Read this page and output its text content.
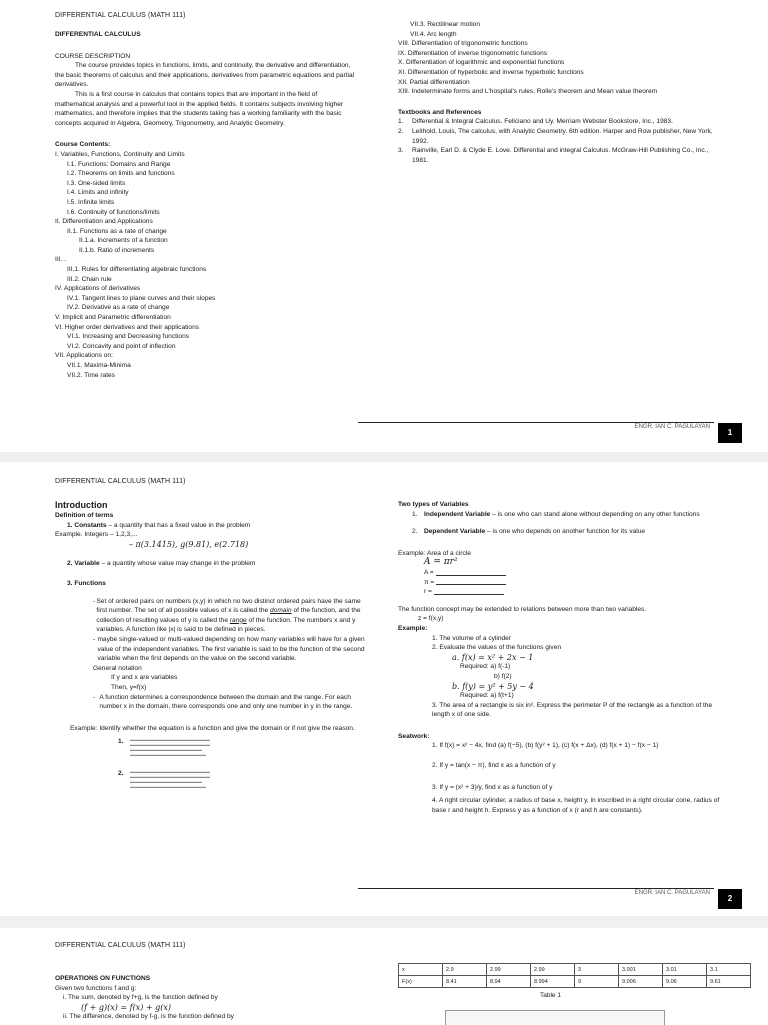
DIFFERENTIAL CALCULUS (MATH 111)
DIFFERENTIAL CALCULUS
COURSE DESCRIPTION
The course provides topics in functions, limits, and continuity, the derivative and differentiation, the basic theorems of calculus and their applications, derivatives from parametric equations and partial derivatives.
This is a first course in calculus that contains topics that are important in the field of mathematical analysis and a powerful tool in the applied fields. It contains subjects involving higher mathematics, and therefore implies that the students taking has a working familiarity with the basic concepts acquired in Algebra, Geometry, Trigonometry, and Analytic Geometry.
Course Contents:
I. Variables, Functions, Continuity and Limits
I.1. Functions: Domains and Range
I.2. Theorems on limits and functions
I.3. One-sided limits
I.4. Limits and infinity
I.5. Infinite limits
I.6. Continuity of functions/limits
II. Differentiation and Applications
II.1. Functions as a rate of change
II.1.a. Increments of a function
II.1.b. Ratio of increments
III. .
III.1. Rules for differentiating algebraic functions
III.2. Chain rule
IV. Applications of derivatives
IV.1. Tangent lines to plane curves and their slopes
IV.2. Derivative as a rate of change
V. Implicit and Parametric differentiation
VI. Higher order derivatives and their applications
VI.1. Increasing and Decreasing functions
VI.2. Concavity and point of inflection
VII. Applications on:
VII.1. Maxima-Minima
VII.2. Time rates
VII.3. Rectilinear motion
VII.4. Arc length
VIII. Differentiation of trigonometric functions
IX. Differentiation of inverse trigonometric functions
X. Differentiation of logarithmic and exponential functions
XI. Differentiation of hyperbolic and inverse hyperbolic functions
XII. Partial differentiation
XIII. Indeterminate forms and L'hospital's rules, Rolle's theorem and Mean value theorem
Textbooks and References
1.	Differential & Integral Calculus. Feliciano and Uy. Merriam Webster Bookstore, Inc., 1983.
2.	Leithold, Louis, The calculus, with Analytic Geometry. 6th edition. Harper and Row publisher, New York, 1992.
3.	Rainville, Earl D. & Clyde E. Love. Differential and integral Calculus. McGraw-Hill Publishing Co., Inc., 1981.
ENGR. IAN C. PAGULAYAN
1
DIFFERENTIAL CALCULUS (MATH 111)
Introduction
Definition of terms
1. Constants – a quantity that has a fixed value in the problem
Example. Integers – 1,2,3,...
– π(3.1415), g(9.81), e(2.718)
2. Variable – a quantity whose value may change in the problem
3. Functions
- Set of ordered pairs on numbers (x,y) in which no two distinct ordered pairs have the same first number. The set of all possible values of x is called the domain of the function, and the collection of resulting values of y is called the range of the function. The numbers x and y variables. A function like |x| is said to be defined in pieces.
- maybe single-valued or multi-valued depending on how many variables will have for a given value of the independent variables. The first variable is said to be the function of the second variable when the first depends on the value on the second variable.
General notation
If y and x are variables
Then, y=f(x)
- A function determines a correspondence between the domain and the range. For each number x in the domain, there corresponds one and only one number in y in the range.
Example: Identify whether the equation is a function and give the domain or if not give the reason.
1.	▬▬▬▬▬▬▬▬▬▬▬▬▬▬▬▬▬▬▬▬
▬▬▬▬▬▬▬▬▬▬▬▬▬▬▬▬▬▬▬▬
▬▬▬▬▬▬▬▬▬▬▬▬▬▬▬▬▬▬
▬▬▬▬▬▬▬▬▬▬▬▬▬▬▬▬▬▬▬
2.	▬▬▬▬▬▬▬▬▬▬▬▬▬▬▬▬▬▬▬▬
▬▬▬▬▬▬▬▬▬▬▬▬▬▬▬▬▬▬▬▬
▬▬▬▬▬▬▬▬▬▬▬▬▬▬▬▬▬▬
▬▬▬▬▬▬▬▬▬▬▬▬▬▬▬▬▬▬▬
Two types of Variables
1. Independent Variable – is one who can stand alone without depending on any other functions
2. Dependent Variable – is one who depends on another function for its value
Example: Area of a circle
A = πr²
A =
π =
r =
The function concept may be extended to relations between more than two variables.
z = f(x,y)
Example:
1. The volume of a cylinder
2. Evaluate the values of the functions given
a. f(x) = x² + 2x − 1
Required: a) f(-1)
b) f(2)
b. f(y) = y² + 5y − 4
Required: a) f(t+1)
3. The area of a rectangle is six in². Express the perimeter P of the rectangle as a function of the length x of one side.
Seatwork:
1. If f(x) = x² − 4x, find (a) f(−5), (b) f(y² + 1), (c) f(x + Δx), (d) f(x + 1) − f(x − 1)
2. If y = tan(x − π), find x as a function of y
3. If y = (x² + 3)/y, find x as a function of y
4. A right circular cylinder, a radius of base x, height y, in inscribed in a right circular cone, radius of base r and height h. Express y as a function of x (r and h are constants).
ENGR. IAN C. PAGULAYAN
2
DIFFERENTIAL CALCULUS (MATH 111)
OPERATIONS ON FUNCTIONS
Given two functions f and g:
i. The sum, denoted by f+g, is the function defined by
(f + g)(x) = f(x) + g(x)
ii. The difference, denoted by f-g, is the function defined by
x	2.9	2.99	2.99	3	3.001	3.01	3.1
F(x)	8.41	8.94	8.994	9	9.006	9.06	9.61
Table 1
